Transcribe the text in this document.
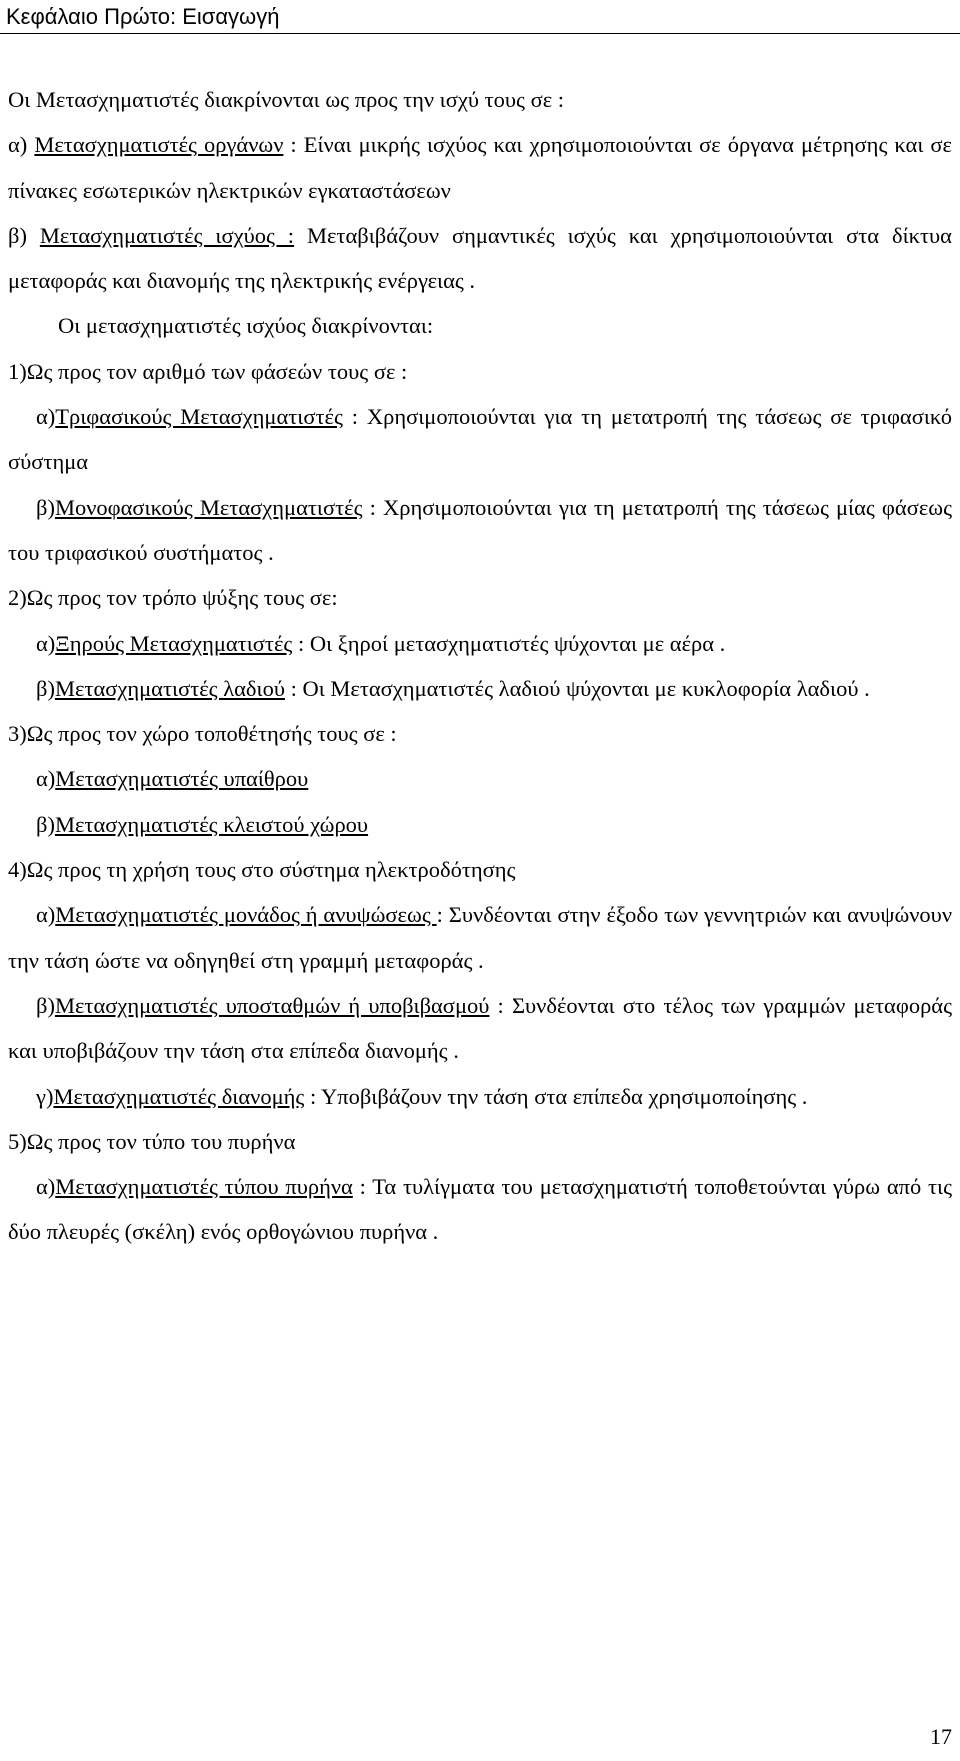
Κεφάλαιο Πρώτο: Εισαγωγή

Οι Μετασχηματιστές διακρίνονται ως προς την ισχύ τους σε :

α) Μετασχηματιστές οργάνων : Είναι μικρής ισχύος και χρησιμοποιούνται σε όργανα μέτρησης και σε πίνακες εσωτερικών ηλεκτρικών εγκαταστάσεων

β) Μετασχηματιστές ισχύος : Μεταβιβάζουν σημαντικές ισχύς και χρησιμοποιούνται στα δίκτυα μεταφοράς και διανομής της ηλεκτρικής ενέργειας .

Οι μετασχηματιστές ισχύος διακρίνονται:

1)Ως προς τον αριθμό των φάσεών τους σε :

α)Τριφασικούς Μετασχηματιστές : Χρησιμοποιούνται για τη μετατροπή της τάσεως σε τριφασικό σύστημα

β)Μονοφασικούς Μετασχηματιστές : Χρησιμοποιούνται για τη μετατροπή της τάσεως μίας φάσεως του τριφασικού συστήματος .

2)Ως προς τον τρόπο ψύξης τους σε:

α)Ξηρούς Μετασχηματιστές : Οι ξηροί μετασχηματιστές ψύχονται με αέρα .

β)Μετασχηματιστές λαδιού : Οι Μετασχηματιστές λαδιού ψύχονται με κυκλοφορία λαδιού .

3)Ως προς τον χώρο τοποθέτησής τους σε :

α)Μετασχηματιστές υπαίθρου

β)Μετασχηματιστές κλειστού χώρου

4)Ως προς τη χρήση τους στο σύστημα ηλεκτροδότησης

α)Μετασχηματιστές μονάδος ή ανυψώσεως : Συνδέονται στην έξοδο των γεννητριών και ανυψώνουν την τάση ώστε να οδηγηθεί στη γραμμή μεταφοράς .

β)Μετασχηματιστές υποσταθμών ή υποβιβασμού : Συνδέονται στο τέλος των γραμμών μεταφοράς και υποβιβάζουν την τάση στα επίπεδα διανομής .

γ)Μετασχηματιστές διανομής : Υποβιβάζουν την τάση στα επίπεδα χρησιμοποίησης .

5)Ως προς τον τύπο του πυρήνα

α)Μετασχηματιστές τύπου πυρήνα : Τα τυλίγματα του μετασχηματιστή τοποθετούνται γύρω από τις δύο πλευρές (σκέλη) ενός ορθογώνιου πυρήνα .

17
